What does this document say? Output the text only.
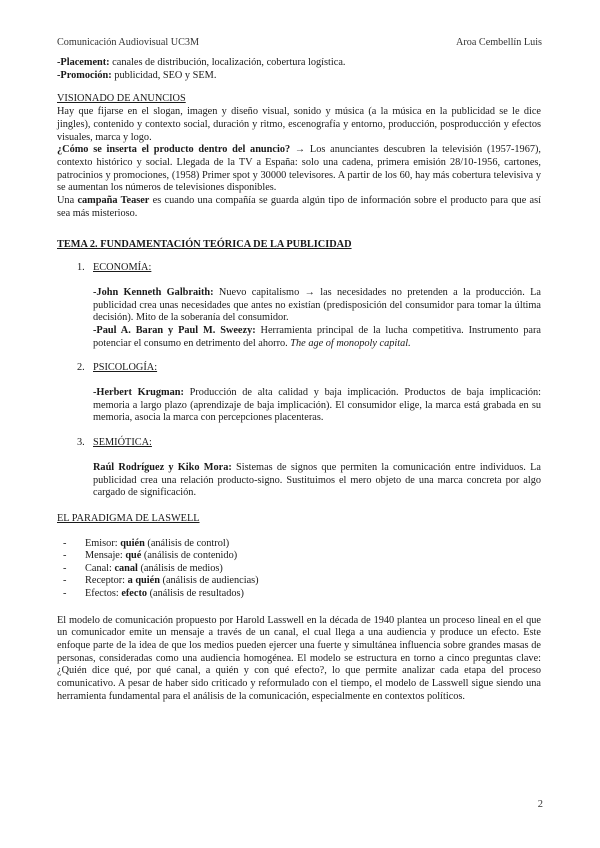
Comunicación Audiovisual UC3M	Aroa Cembellín Luis

-Placement: canales de distribución, localización, cobertura logística.

-Promoción: publicidad, SEO y SEM.

VISIONADO DE ANUNCIOS

Hay que fijarse en el slogan, imagen y diseño visual, sonido y música (a la música en la publicidad se le dice jingles), contenido y contexto social, duración y ritmo, escenografía y entorno, producción, posproducción y efectos visuales, marca y logo.

¿Cómo se inserta el producto dentro del anuncio? → Los anunciantes descubren la televisión (1957-1967), contexto histórico y social. Llegada de la TV a España: solo una cadena, primera emisión 28/10-1956, cartones, patrocinios y promociones, (1958) Primer spot y 30000 televisores. A partir de los 60, hay más cobertura televisiva y se aumentan los números de televisiones disponibles.

Una campaña Teaser es cuando una compañía se guarda algún tipo de información sobre el producto para que así sea más misterioso.

TEMA 2. FUNDAMENTACIÓN TEÓRICA DE LA PUBLICIDAD

1. ECONOMÍA:

-John Kenneth Galbraith: Nuevo capitalismo → las necesidades no pretenden a la producción. La publicidad crea unas necesidades que antes no existían (predisposición del consumidor para tomar la última decisión). Mito de la soberanía del consumidor.

-Paul A. Baran y Paul M. Sweezy: Herramienta principal de la lucha competitiva. Instrumento para potenciar el consumo en detrimento del ahorro. The age of monopoly capital.

2. PSICOLOGÍA:

-Herbert Krugman: Producción de alta calidad y baja implicación. Productos de baja implicación: memoria a largo plazo (aprendizaje de baja implicación). El consumidor elige, la marca está grabada en su memoria, asocia la marca con percepciones placenteras.

3. SEMIÓTICA:

Raúl Rodríguez y Kiko Mora: Sistemas de signos que permiten la comunicación entre individuos. La publicidad crea una relación producto-signo. Sustituimos el mero objeto de una marca concreta por algo cargado de significación.

EL PARADIGMA DE LASWELL

-	Emisor: quién (análisis de control)
-	Mensaje: qué (análisis de contenido)
-	Canal: canal (análisis de medios)
-	Receptor: a quién (análisis de audiencias)
-	Efectos: efecto (análisis de resultados)

El modelo de comunicación propuesto por Harold Lasswell en la década de 1940 plantea un proceso lineal en el que un comunicador emite un mensaje a través de un canal, el cual llega a una audiencia y produce un efecto. Este enfoque parte de la idea de que los medios pueden ejercer una fuerte y simultánea influencia sobre grandes masas de personas, consideradas como una audiencia homogénea. El modelo se estructura en torno a cinco preguntas clave: ¿Quién dice qué, por qué canal, a quién y con qué efecto?, lo que permite analizar cada etapa del proceso comunicativo. A pesar de haber sido criticado y reformulado con el tiempo, el modelo de Lasswell sigue siendo una herramienta fundamental para el análisis de la comunicación, especialmente en contextos políticos.

2
